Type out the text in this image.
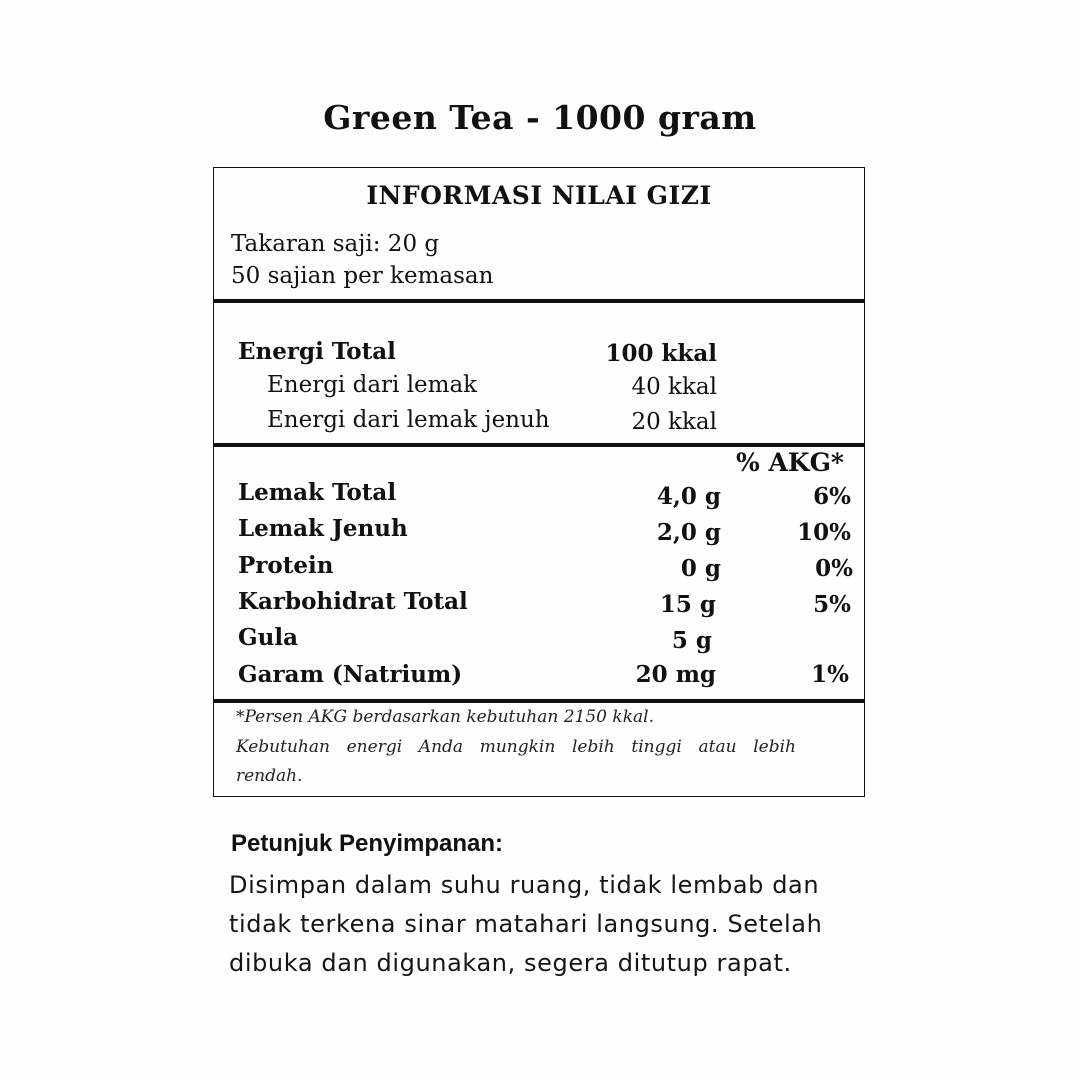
Green Tea - 1000 gram
INFORMASI NILAI GIZI
Takaran saji: 20 g
50 sajian per kemasan
Energi Total	100 kkal
Energi dari lemak	40 kkal
Energi dari lemak jenuh	20 kkal
% AKG*
Lemak Total	4,0 g	6%
Lemak Jenuh	2,0 g	10%
Protein	0 g	0%
Karbohidrat Total	15 g	5%
Gula	5 g
Garam (Natrium)	20 mg	1%
*Persen AKG berdasarkan kebutuhan 2150 kkal.
Kebutuhan energi Anda mungkin lebih tinggi atau lebih
rendah.
Petunjuk Penyimpanan:
Disimpan dalam suhu ruang, tidak lembab dan tidak terkena sinar matahari langsung. Setelah dibuka dan digunakan, segera ditutup rapat.
